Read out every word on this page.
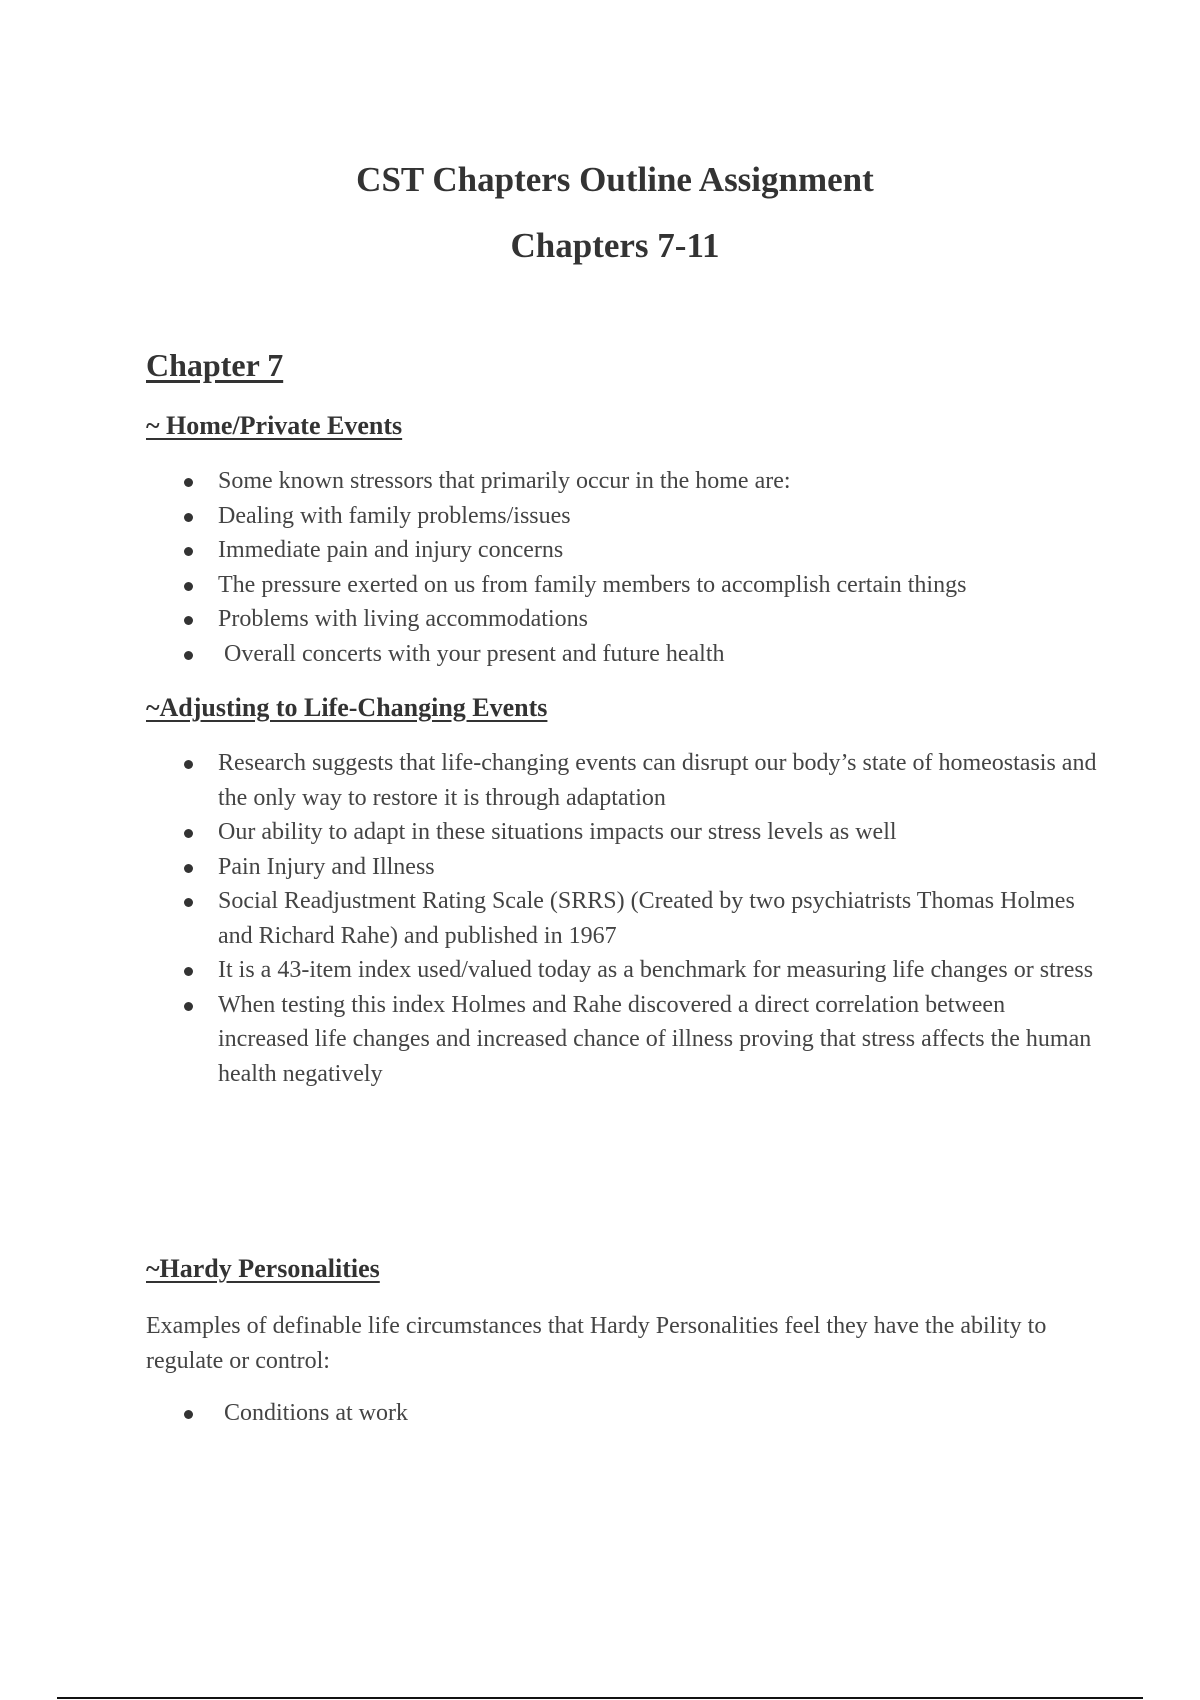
CST Chapters Outline Assignment
Chapters 7-11
Chapter 7
~ Home/Private Events
Some known stressors that primarily occur in the home are:
Dealing with family problems/issues
Immediate pain and injury concerns
The pressure exerted on us from family members to accomplish certain things
Problems with living accommodations
Overall concerts with your present and future health
~Adjusting to Life-Changing Events
Research suggests that life-changing events can disrupt our body’s state of homeostasis and the only way to restore it is through adaptation
Our ability to adapt in these situations impacts our stress levels as well
Pain Injury and Illness
Social Readjustment Rating Scale (SRRS) (Created by two psychiatrists Thomas Holmes and Richard Rahe) and published in 1967
It is a 43-item index used/valued today as a benchmark for measuring life changes or stress
When testing this index Holmes and Rahe discovered a direct correlation between increased life changes and increased chance of illness proving that stress affects the human health negatively
~Hardy Personalities

Examples of definable life circumstances that Hardy Personalities feel they have the ability to regulate or control:

Conditions at work
